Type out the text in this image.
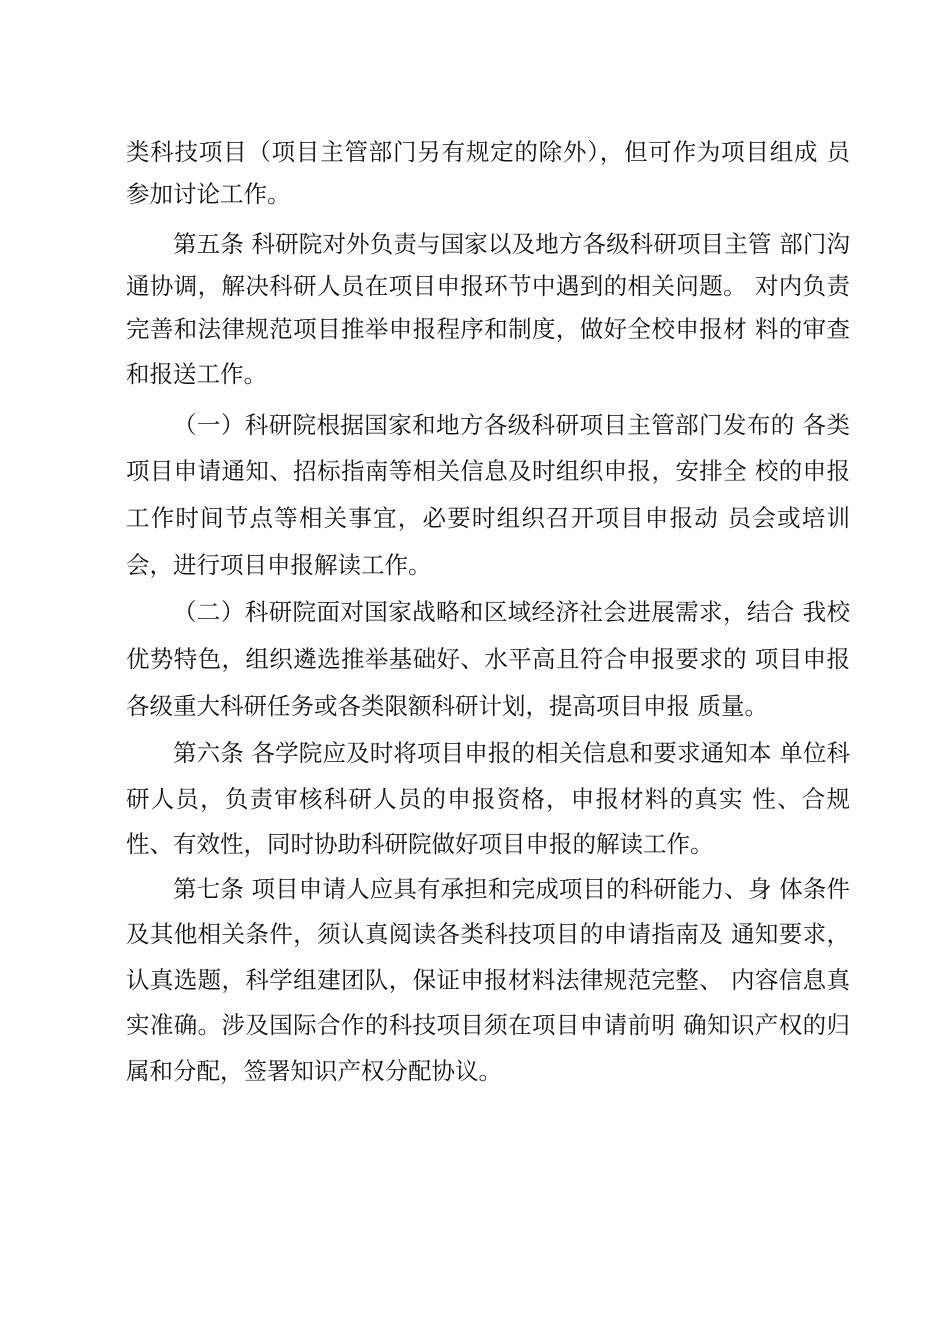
类科技项目（项目主管部门另有规定的除外），但可作为项目组成 员
参加讨论工作。
第五条 科研院对外负责与国家以及地方各级科研项目主管 部门沟
通协调，解决科研人员在项目申报环节中遇到的相关问题。 对内负责
完善和法律规范项目推举申报程序和制度，做好全校申报材 料的审查
和报送工作。
（一）科研院根据国家和地方各级科研项目主管部门发布的 各类
项目申请通知、招标指南等相关信息及时组织申报，安排全 校的申报
工作时间节点等相关事宜，必要时组织召开项目申报动 员会或培训
会，进行项目申报解读工作。
（二）科研院面对国家战略和区域经济社会进展需求，结合 我校
优势特色，组织遴选推举基础好、水平高且符合申报要求的 项目申报
各级重大科研任务或各类限额科研计划，提高项目申报 质量。
第六条 各学院应及时将项目申报的相关信息和要求通知本 单位科
研人员，负责审核科研人员的申报资格，申报材料的真实 性、合规
性、有效性，同时协助科研院做好项目申报的解读工作。
第七条 项目申请人应具有承担和完成项目的科研能力、身 体条件
及其他相关条件，须认真阅读各类科技项目的申请指南及 通知要求，
认真选题，科学组建团队，保证申报材料法律规范完整、 内容信息真
实准确。涉及国际合作的科技项目须在项目申请前明 确知识产权的归
属和分配，签署知识产权分配协议。
